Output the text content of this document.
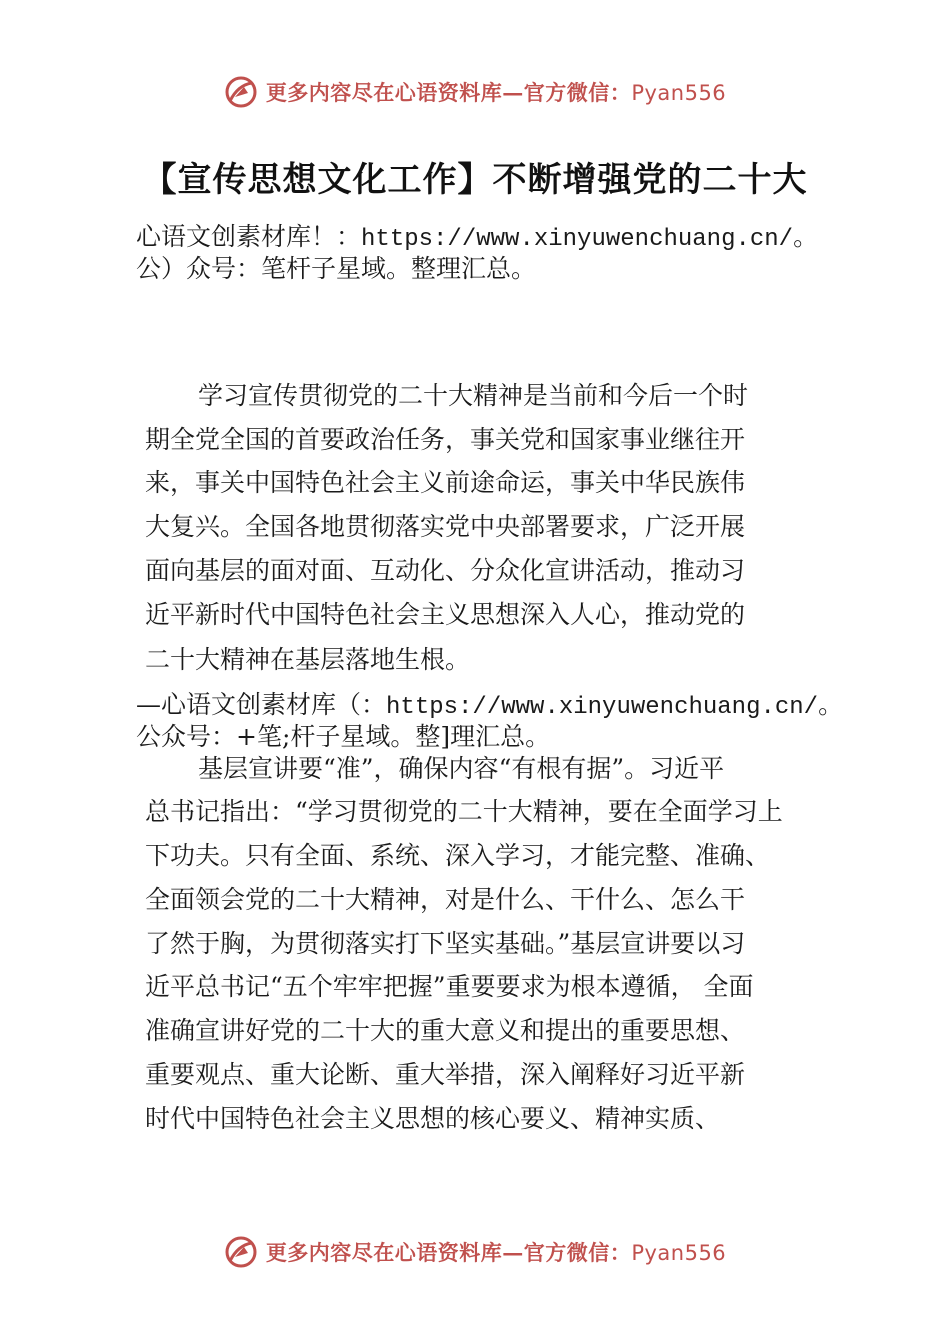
更多内容尽在心语资料库—官方微信：Pyan556
【宣传思想文化工作】不断增强党的二十大
心语文创素材库！：https://www.xinyuwenchuang.cn/。
公）众号：笔杆子星域。整理汇总。
学习宣传贯彻党的二十大精神是当前和今后一个时
期全党全国的首要政治任务，事关党和国家事业继往开
来，事关中国特色社会主义前途命运，事关中华民族伟
大复兴。全国各地贯彻落实党中央部署要求，广泛开展
面向基层的面对面、互动化、分众化宣讲活动，推动习
近平新时代中国特色社会主义思想深入人心，推动党的
二十大精神在基层落地生根。
—心语文创素材库（：https://www.xinyuwenchuang.cn/。
公众号：+笔;杆子星域。整]理汇总。
基层宣讲要“准”，确保内容“有根有据”。习近平
总书记指出：“学习贯彻党的二十大精神，要在全面学习上
下功夫。只有全面、系统、深入学习，才能完整、准确、
全面领会党的二十大精神，对是什么、干什么、怎么干
了然于胸，为贯彻落实打下坚实基础。”基层宣讲要以习
近平总书记“五个牢牢把握”重要要求为根本遵循， 全面
准确宣讲好党的二十大的重大意义和提出的重要思想、
重要观点、重大论断、重大举措，深入阐释好习近平新
时代中国特色社会主义思想的核心要义、精神实质、
更多内容尽在心语资料库—官方微信：Pyan556
